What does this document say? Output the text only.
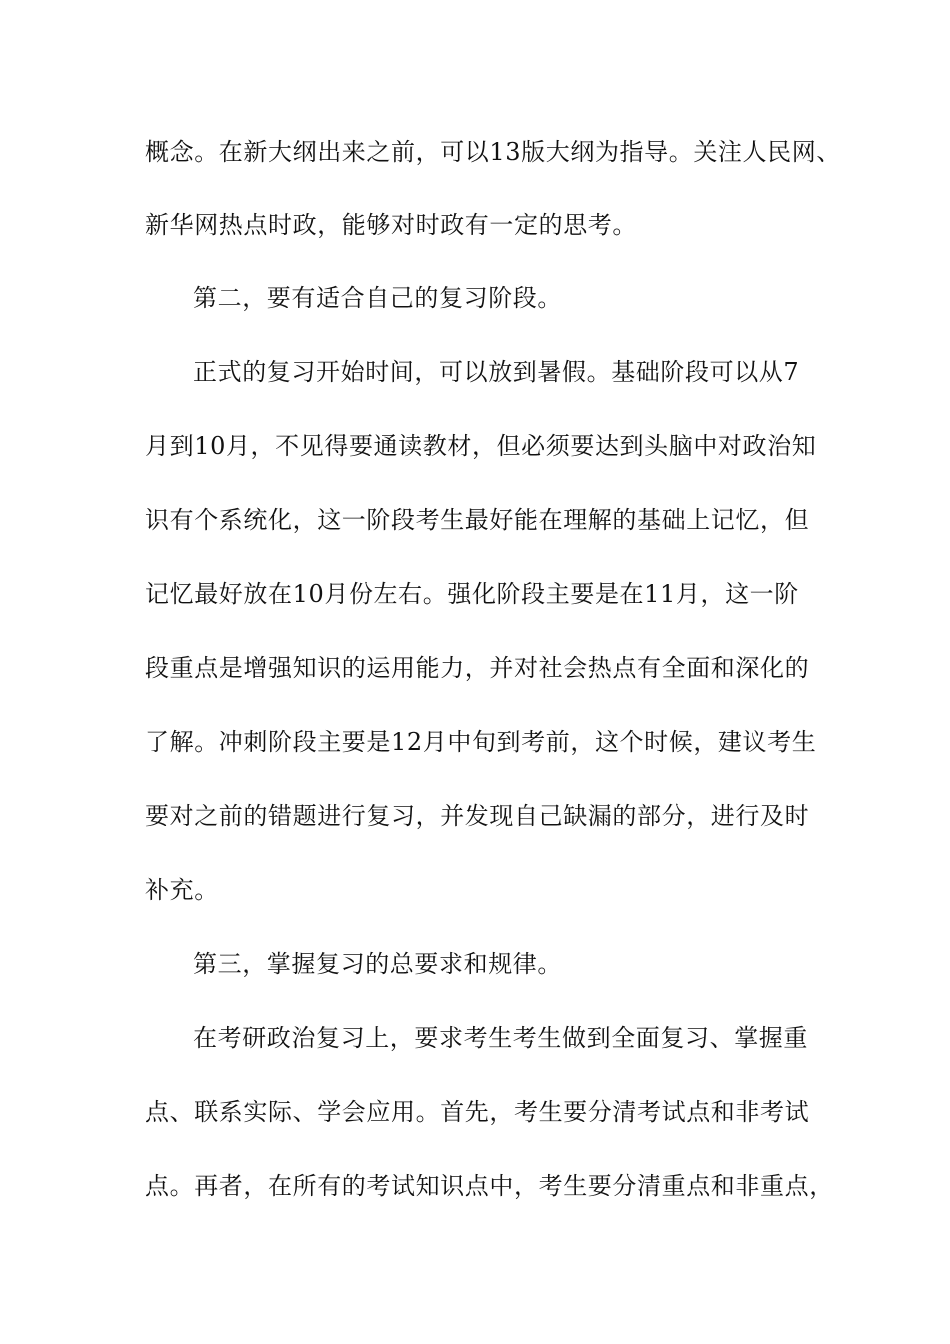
概念。在新大纲出来之前，可以13版大纲为指导。关注人民网、
新华网热点时政，能够对时政有一定的思考。
第二，要有适合自己的复习阶段。
正式的复习开始时间，可以放到暑假。基础阶段可以从7
月到10月，不见得要通读教材，但必须要达到头脑中对政治知
识有个系统化，这一阶段考生最好能在理解的基础上记忆，但
记忆最好放在10月份左右。强化阶段主要是在11月，这一阶
段重点是增强知识的运用能力，并对社会热点有全面和深化的
了解。冲刺阶段主要是12月中旬到考前，这个时候，建议考生
要对之前的错题进行复习，并发现自己缺漏的部分，进行及时
补充。
第三，掌握复习的总要求和规律。
在考研政治复习上，要求考生考生做到全面复习、掌握重
点、联系实际、学会应用。首先，考生要分清考试点和非考试
点。再者，在所有的考试知识点中，考生要分清重点和非重点，
